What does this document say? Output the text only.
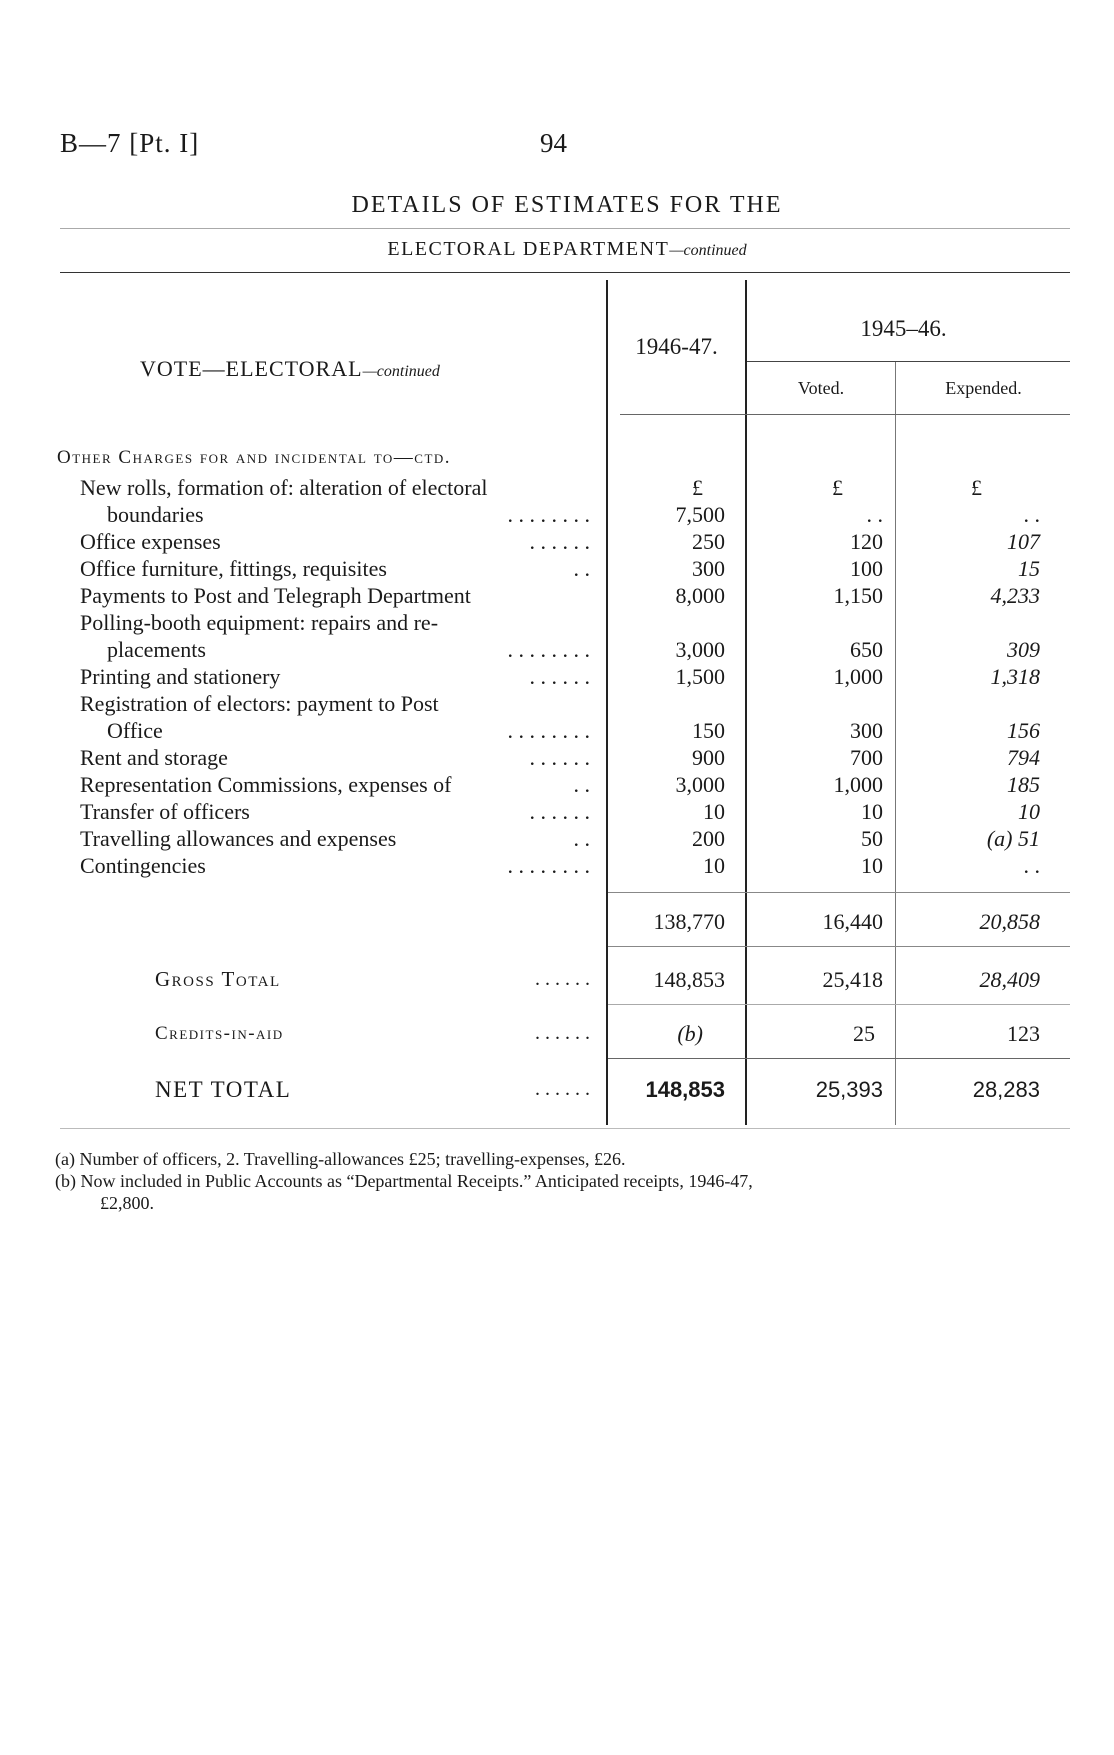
B—7 [Pt. I]	94
DETAILS OF ESTIMATES FOR THE
ELECTORAL DEPARTMENT—continued
VOTE—ELECTORAL—continued
1946-47.
1945–46.
Voted.	Expended.
Other Charges for and incidental to—ctd.
£	£	£
New rolls, formation of: alteration of electoral
boundaries	. . . . . . . .	7,500	. .	. .
Office expenses	. . . . . .	250	120	107
Office furniture, fittings, requisites	. .	300	100	15
Payments to Post and Telegraph Department	8,000	1,150	4,233
Polling-booth equipment: repairs and re-
placements	. . . . . . . .	3,000	650	309
Printing and stationery	. . . . . .	1,500	1,000	1,318
Registration of electors: payment to Post
Office	. . . . . . . .	150	300	156
Rent and storage	. . . . . .	900	700	794
Representation Commissions, expenses of	. .	3,000	1,000	185
Transfer of officers	. . . . . .	10	10	10
Travelling allowances and expenses	. .	200	50	(a) 51
Contingencies	. . . . . . . .	10	10	. .
138,770	16,440	20,858
Gross Total	. . . . . .	148,853	25,418	28,409
Credits-in-aid	. . . . . .	(b)	25	123
NET TOTAL	. . . . . .	148,853	25,393	28,283
(a) Number of officers, 2. Travelling-allowances £25; travelling-expenses, £26.
(b) Now included in Public Accounts as “Departmental Receipts.” Anticipated receipts, 1946-47,
£2,800.
